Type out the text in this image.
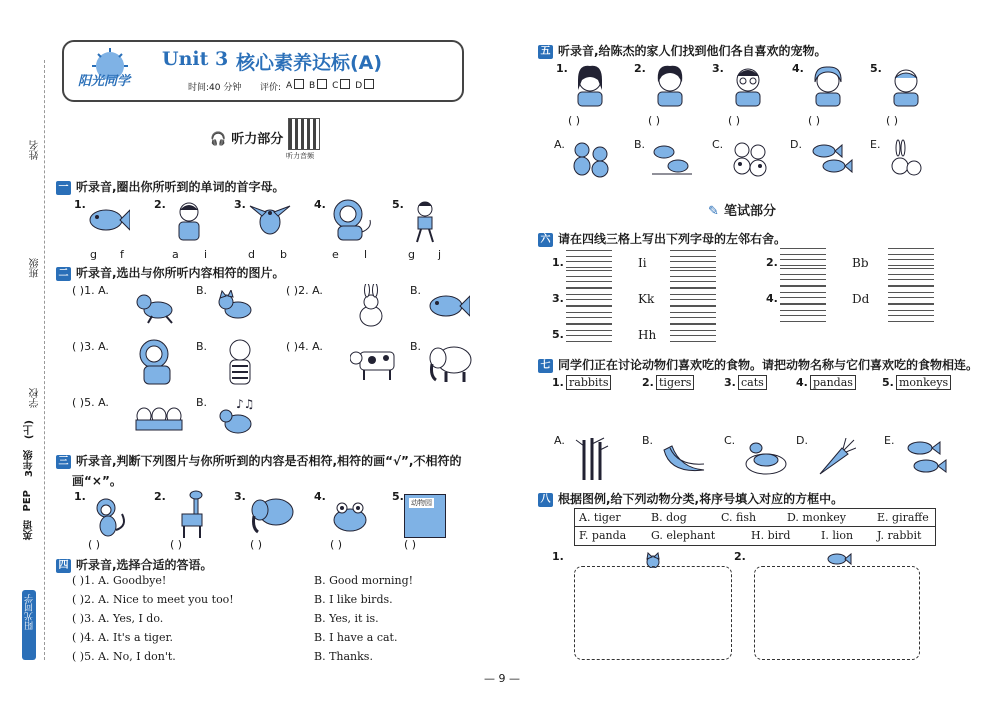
姓名
班级
学校
英语
PEP
3年级
(上)
阳光同学
阳光同学
Unit 3 核心素养达标(A)
时间:40 分钟 评价: A B C D
🎧 听力部分
听力音频
一 听录音,圈出你所听到的单词的首字母。
1.
g f
2.
a i
3.
d b
4.
e l
5.
g j
二 听录音,选出与你所听内容相符的图片。
( )1. A.	B.	( )2. A.	B.
( )3. A.	B.	( )4. A.	B.
( )5. A.	B. ♪♫
三 听录音,判断下列图片与你所听到的内容是否相符,相符的画“√”,不相符的
画“×”。
1.
( )
2.
( )
3.
( )
4.
( )
5. 动物园
( )
四 听录音,选择合适的答语。
( )1. A. Goodbye!	B. Good morning!
( )2. A. Nice to meet you too!	B. I like birds.
( )3. A. Yes, I do.	B. Yes, it is.
( )4. A. It's a tiger.	B. I have a cat.
( )5. A. No, I don't.	B. Thanks.
五 听录音,给陈杰的家人们找到他们各自喜欢的宠物。
1.
( )
2.
( )
3.
( )
4.
( )
5.
( )
A.	B.	C.	D.	E.
✎ 笔试部分
六 请在四线三格上写出下列字母的左邻右舍。
1.	Ii	2.	Bb
3.	Kk	4.	Dd
5.	Hh
七 同学们正在讨论动物们喜欢吃的食物。请把动物名称与它们喜欢吃的食物相连。
1. rabbits	2. tigers	3. cats	4. pandas	5. monkeys
A.	B.	C.	D.	E.
八 根据图例,给下列动物分类,将序号填入对应的方框中。
A. tiger	B. dog	C. fish	D. monkey	E. giraffe
F. panda G. elephant	H. bird	I. lion J. rabbit
1.	2.
— 9 —
